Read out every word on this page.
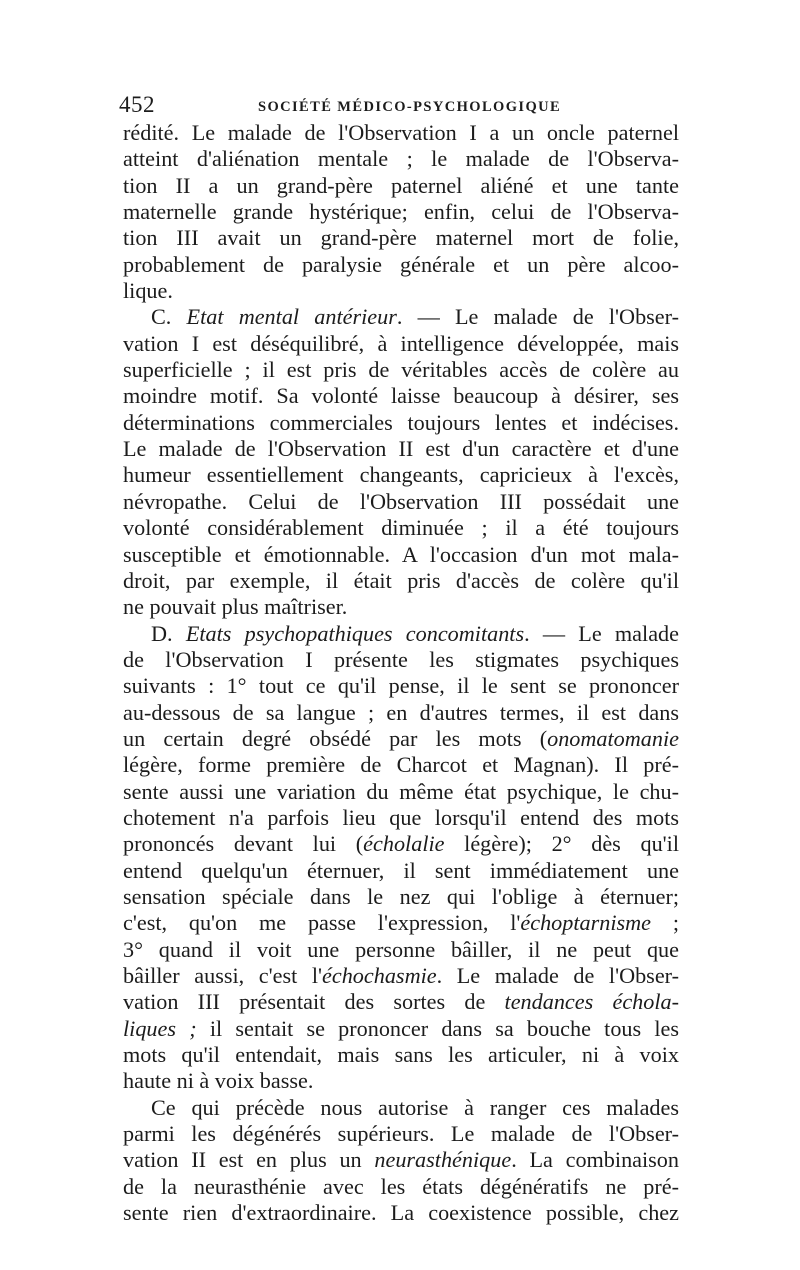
452	SOCIÉTÉ MÉDICO-PSYCHOLOGIQUE
rédité. Le malade de l'Observation I a un oncle paternel
atteint d'aliénation mentale ; le malade de l'Observa-
tion II a un grand-père paternel aliéné et une tante
maternelle grande hystérique; enfin, celui de l'Observa-
tion III avait un grand-père maternel mort de folie,
probablement de paralysie générale et un père alcoo-
lique.
C. Etat mental antérieur. — Le malade de l'Obser-
vation I est déséquilibré, à intelligence développée, mais
superficielle ; il est pris de véritables accès de colère au
moindre motif. Sa volonté laisse beaucoup à désirer, ses
déterminations commerciales toujours lentes et indécises.
Le malade de l'Observation II est d'un caractère et d'une
humeur essentiellement changeants, capricieux à l'excès,
névropathe. Celui de l'Observation III possédait une
volonté considérablement diminuée ; il a été toujours
susceptible et émotionnable. A l'occasion d'un mot mala-
droit, par exemple, il était pris d'accès de colère qu'il
ne pouvait plus maîtriser.
D. Etats psychopathiques concomitants. — Le malade
de l'Observation I présente les stigmates psychiques
suivants : 1° tout ce qu'il pense, il le sent se prononcer
au-dessous de sa langue ; en d'autres termes, il est dans
un certain degré obsédé par les mots (onomatomanie
légère, forme première de Charcot et Magnan). Il pré-
sente aussi une variation du même état psychique, le chu-
chotement n'a parfois lieu que lorsqu'il entend des mots
prononcés devant lui (écholalie légère); 2° dès qu'il
entend quelqu'un éternuer, il sent immédiatement une
sensation spéciale dans le nez qui l'oblige à éternuer;
c'est, qu'on me passe l'expression, l'échoptarnisme ;
3° quand il voit une personne bâiller, il ne peut que
bâiller aussi, c'est l'échochasmie. Le malade de l'Obser-
vation III présentait des sortes de tendances échola-
liques ; il sentait se prononcer dans sa bouche tous les
mots qu'il entendait, mais sans les articuler, ni à voix
haute ni à voix basse.
Ce qui précède nous autorise à ranger ces malades
parmi les dégénérés supérieurs. Le malade de l'Obser-
vation II est en plus un neurasthénique. La combinaison
de la neurasthénie avec les états dégénératifs ne pré-
sente rien d'extraordinaire. La coexistence possible, chez
